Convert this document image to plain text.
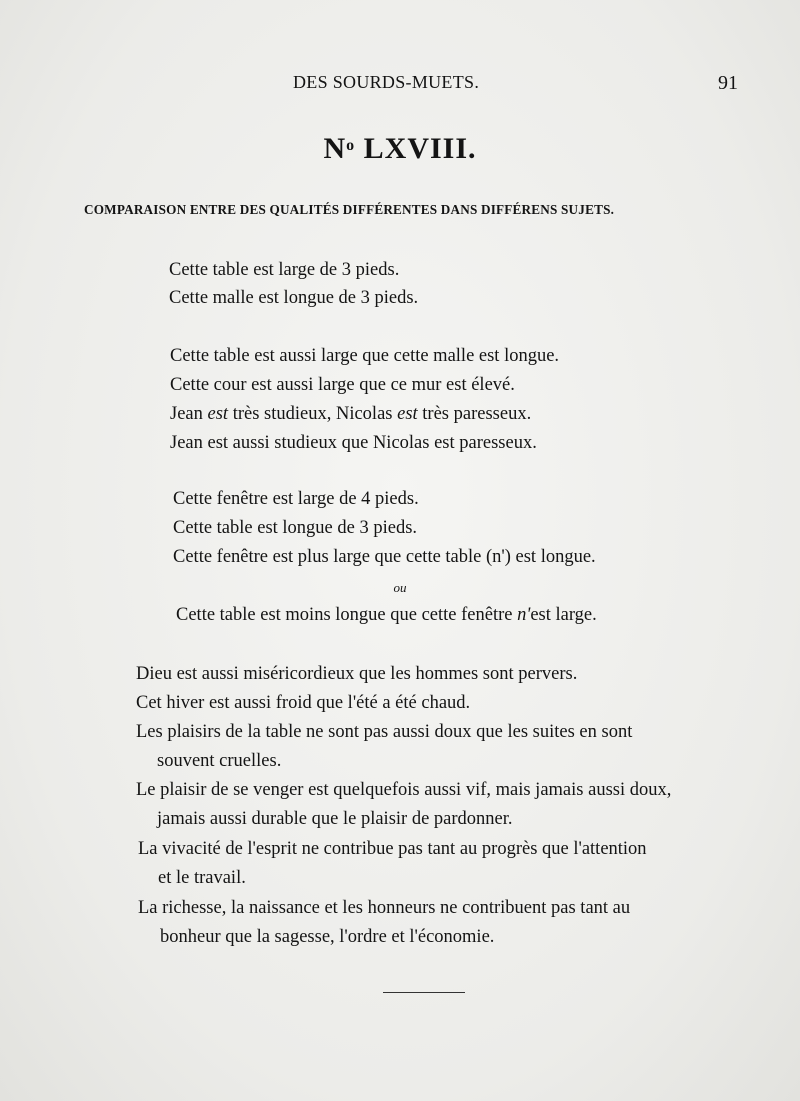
DES SOURDS-MUETS.	91
$N^o$ LXVIII.
COMPARAISON ENTRE DES QUALITÉS DIFFÉRENTES DANS DIFFÉRENS SUJETS.
Cette table est large de 3 pieds.
Cette malle est longue de 3 pieds.
Cette table est aussi large que cette malle est longue.
Cette cour est aussi large que ce mur est élevé.
Jean est très studieux, Nicolas est très paresseux.
Jean est aussi studieux que Nicolas est paresseux.
Cette fenêtre est large de 4 pieds.
Cette table est longue de 3 pieds.
Cette fenêtre est plus large que cette table (n') est longue.
ou
Cette table est moins longue que cette fenêtre n'est large.
Dieu est aussi miséricordieux que les hommes sont pervers.
Cet hiver est aussi froid que l'été a été chaud.
Les plaisirs de la table ne sont pas aussi doux que les suites en sont
souvent cruelles.
Le plaisir de se venger est quelquefois aussi vif, mais jamais aussi doux,
jamais aussi durable que le plaisir de pardonner.
La vivacité de l'esprit ne contribue pas tant au progrès que l'attention
et le travail.
La richesse, la naissance et les honneurs ne contribuent pas tant au
bonheur que la sagesse, l'ordre et l'économie.
